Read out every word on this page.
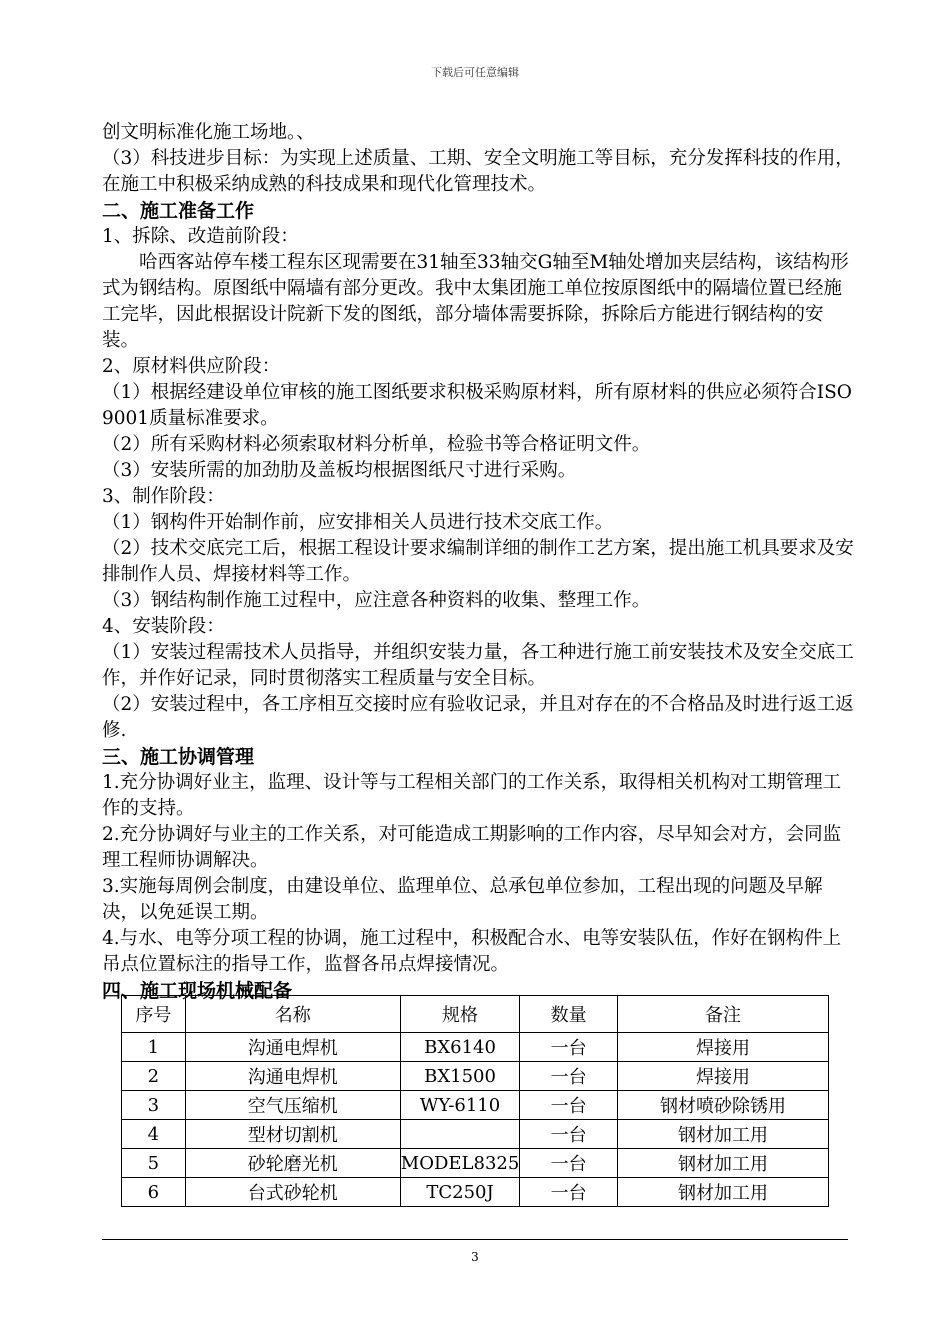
下载后可任意编辑

创文明标准化施工场地。、

（3）科技进步目标：为实现上述质量、工期、安全文明施工等目标，充分发挥科技的作用，在施工中积极采纳成熟的科技成果和现代化管理技术。

二、施工准备工作

1、拆除、改造前阶段：

哈西客站停车楼工程东区现需要在31轴至33轴交G轴至M轴处增加夹层结构，该结构形式为钢结构。原图纸中隔墙有部分更改。我中太集团施工单位按原图纸中的隔墙位置已经施工完毕，因此根据设计院新下发的图纸，部分墙体需要拆除，拆除后方能进行钢结构的安装。

2、原材料供应阶段：

（1）根据经建设单位审核的施工图纸要求积极采购原材料，所有原材料的供应必须符合ISO9001质量标准要求。

（2）所有采购材料必须索取材料分析单，检验书等合格证明文件。

（3）安装所需的加劲肋及盖板均根据图纸尺寸进行采购。

3、制作阶段：

（1）钢构件开始制作前，应安排相关人员进行技术交底工作。

（2）技术交底完工后，根据工程设计要求编制详细的制作工艺方案，提出施工机具要求及安排制作人员、焊接材料等工作。

（3）钢结构制作施工过程中，应注意各种资料的收集、整理工作。

4、安装阶段：

（1）安装过程需技术人员指导，并组织安装力量，各工种进行施工前安装技术及安全交底工作，并作好记录，同时贯彻落实工程质量与安全目标。

（2）安装过程中，各工序相互交接时应有验收记录，并且对存在的不合格品及时进行返工返修.

三、施工协调管理

1.充分协调好业主，监理、设计等与工程相关部门的工作关系，取得相关机构对工期管理工作的支持。

2.充分协调好与业主的工作关系，对可能造成工期影响的工作内容，尽早知会对方，会同监理工程师协调解决。

3.实施每周例会制度，由建设单位、监理单位、总承包单位参加，工程出现的问题及早解决，以免延误工期。

4.与水、电等分项工程的协调，施工过程中，积极配合水、电等安装队伍，作好在钢构件上吊点位置标注的指导工作，监督各吊点焊接情况。

四、施工现场机械配备

序号	名称	规格	数量	备注
1	沟通电焊机	BX6140	一台	焊接用
2	沟通电焊机	BX1500	一台	焊接用
3	空气压缩机	WY-6110	一台	钢材喷砂除锈用
4	型材切割机		一台	钢材加工用
5	砂轮磨光机	MODEL8325	一台	钢材加工用
6	台式砂轮机	TC250J	一台	钢材加工用
3
